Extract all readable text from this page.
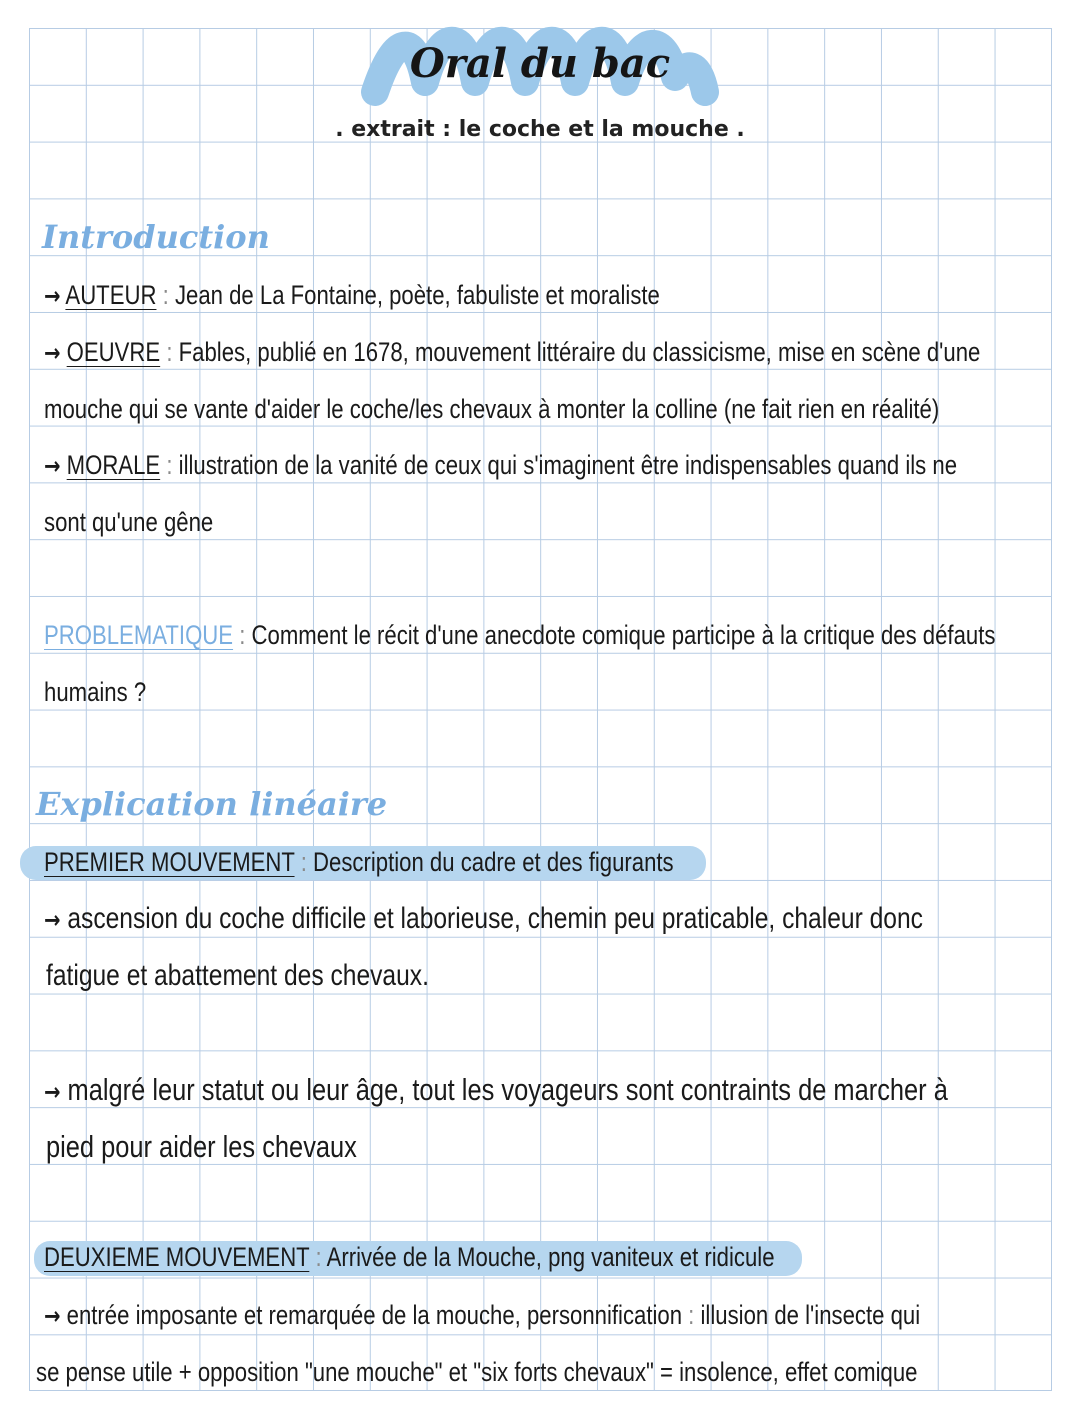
Oral du bac
. extrait : le coche et la mouche .
Introduction
→ AUTEUR : Jean de La Fontaine, poète, fabuliste et moraliste
→ OEUVRE : Fables, publié en 1678, mouvement littéraire du classicisme, mise en scène d'une
mouche qui se vante d'aider le coche/les chevaux à monter la colline (ne fait rien en réalité)
→ MORALE : illustration de la vanité de ceux qui s'imaginent être indispensables quand ils ne
sont qu'une gêne
PROBLEMATIQUE : Comment le récit d'une anecdote comique participe à la critique des défauts
humains ?
Explication linéaire
PREMIER MOUVEMENT : Description du cadre et des figurants
→ ascension du coche difficile et laborieuse, chemin peu praticable, chaleur donc
fatigue et abattement des chevaux.
→ malgré leur statut ou leur âge, tout les voyageurs sont contraints de marcher à
pied pour aider les chevaux
DEUXIEME MOUVEMENT : Arrivée de la Mouche, png vaniteux et ridicule
→ entrée imposante et remarquée de la mouche, personnification : illusion de l'insecte qui
se pense utile + opposition "une mouche" et "six forts chevaux" = insolence, effet comique
